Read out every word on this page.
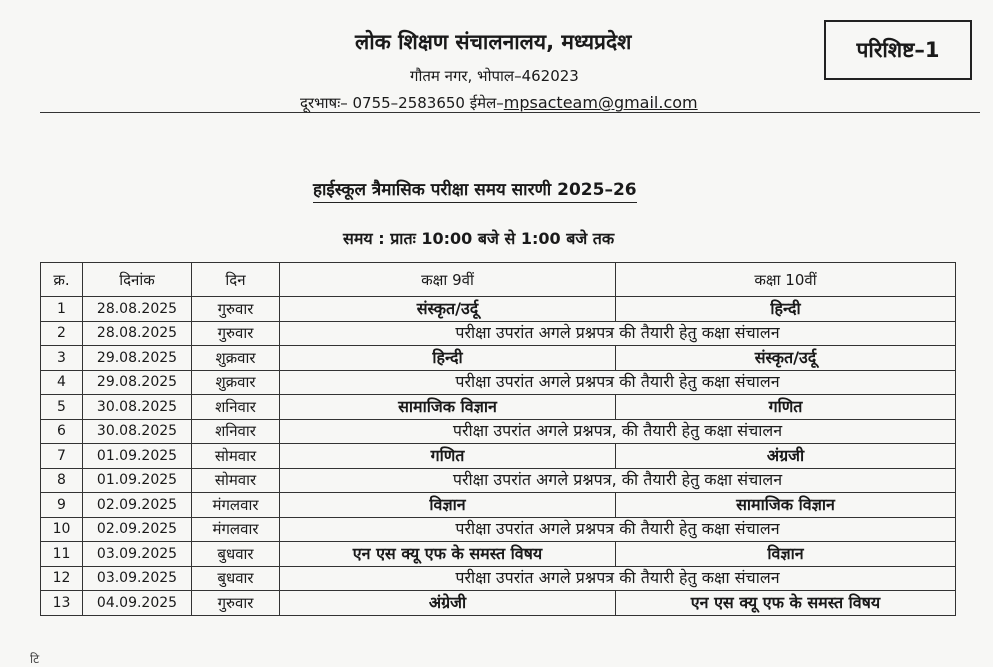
लोक शिक्षण संचालनालय, मध्यप्रदेश
गौतम नगर, भोपाल–462023
दूरभाषः– 0755–2583650 ईमेल–mpsacteam@gmail.com
परिशिष्ट–1
हाईस्कूल त्रैमासिक परीक्षा समय सारणी 2025–26
समय : प्रातः 10:00 बजे से 1:00 बजे तक
क्र.	दिनांक	दिन	कक्षा 9वीं	कक्षा 10वीं
1	28.08.2025	गुरुवार	संस्कृत/उर्दू	हिन्दी
2	28.08.2025	गुरुवार	परीक्षा उपरांत अगले प्रश्नपत्र की तैयारी हेतु कक्षा संचालन	
3	29.08.2025	शुक्रवार	हिन्दी	संस्कृत/उर्दू
4	29.08.2025	शुक्रवार	परीक्षा उपरांत अगले प्रश्नपत्र की तैयारी हेतु कक्षा संचालन	
5	30.08.2025	शनिवार	सामाजिक विज्ञान	गणित
6	30.08.2025	शनिवार	परीक्षा उपरांत अगले प्रश्नपत्र, की तैयारी हेतु कक्षा संचालन	
7	01.09.2025	सोमवार	गणित	अंग्रजी
8	01.09.2025	सोमवार	परीक्षा उपरांत अगले प्रश्नपत्र, की तैयारी हेतु कक्षा संचालन	
9	02.09.2025	मंगलवार	विज्ञान	सामाजिक विज्ञान
10	02.09.2025	मंगलवार	परीक्षा उपरांत अगले प्रश्नपत्र की तैयारी हेतु कक्षा संचालन	
11	03.09.2025	बुधवार	एन एस क्यू एफ के समस्त विषय	विज्ञान
12	03.09.2025	बुधवार	परीक्षा उपरांत अगले प्रश्नपत्र की तैयारी हेतु कक्षा संचालन	
13	04.09.2025	गुरुवार	अंग्रेजी	एन एस क्यू एफ के समस्त विषय
टि
